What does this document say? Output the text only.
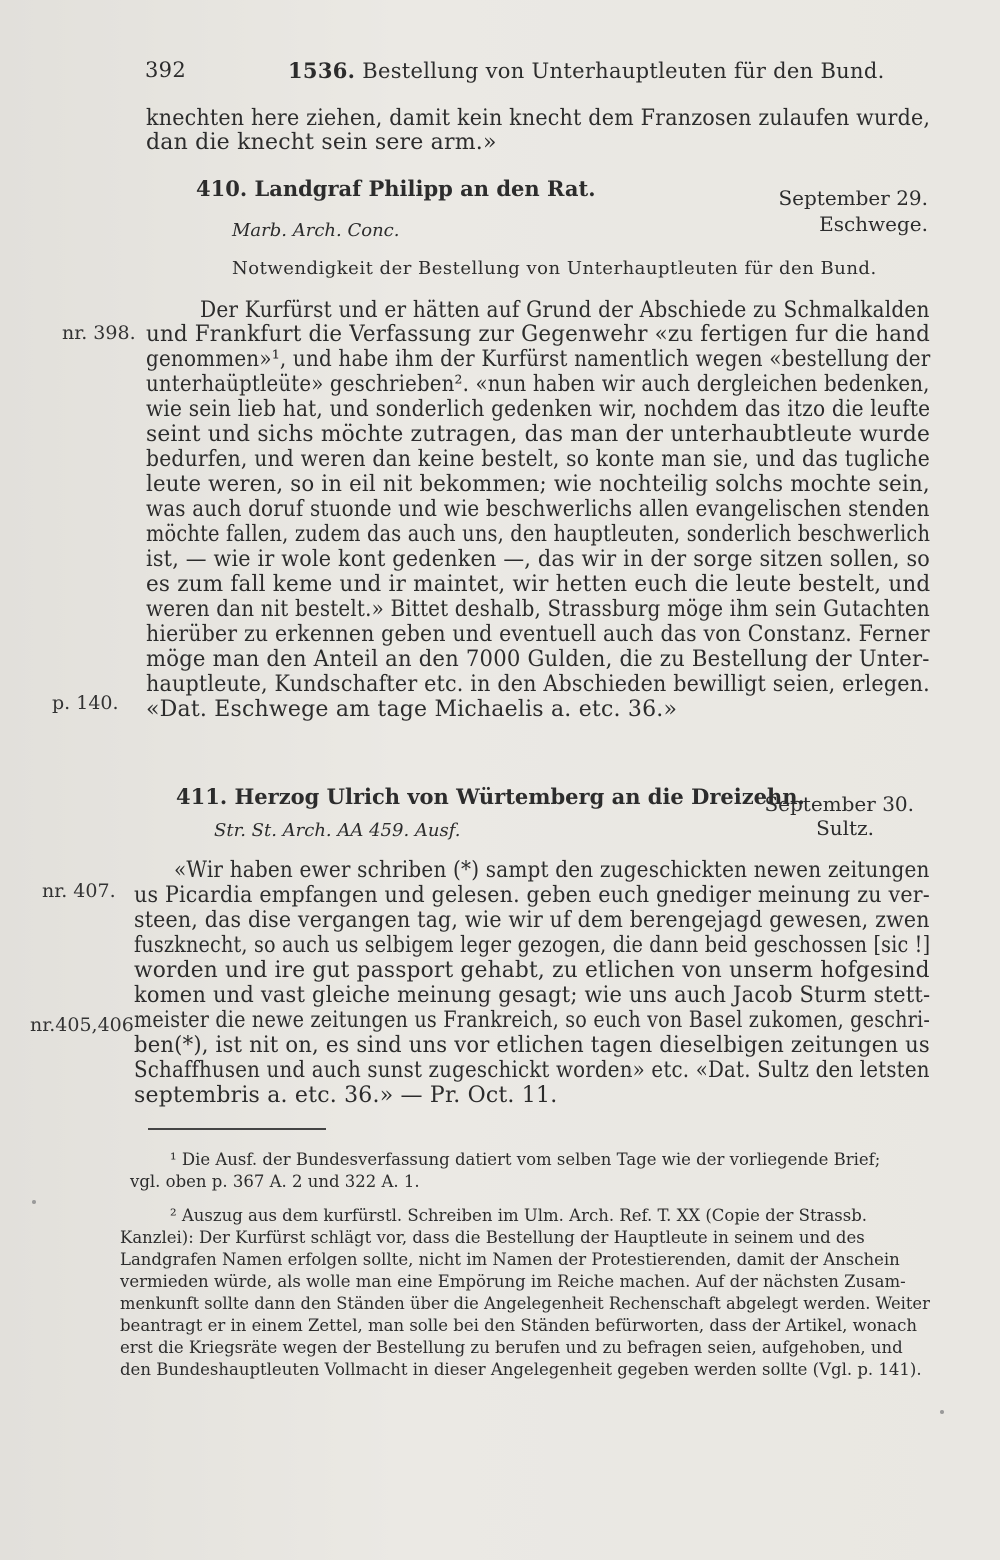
392	1536. Bestellung von Unterhauptleuten für den Bund.
knechten here ziehen, damit kein knecht dem Franzosen zulaufen wurde,
dan die knecht sein sere arm.»
410. Landgraf Philipp an den Rat.	September 29.
Eschwege.
Marb. Arch. Conc.
Notwendigkeit der Bestellung von Unterhauptleuten für den Bund.
nr. 398.
p. 140.
Der Kurfürst und er hätten auf Grund der Abschiede zu Schmalkalden
und Frankfurt die Verfassung zur Gegenwehr «zu fertigen fur die hand
genommen»¹, und habe ihm der Kurfürst namentlich wegen «bestellung der
unterhaüptleüte» geschrieben². «nun haben wir auch dergleichen bedenken,
wie sein lieb hat, und sonderlich gedenken wir, nochdem das itzo die leufte
seint und sichs möchte zutragen, das man der unterhaubtleute wurde
bedurfen, und weren dan keine bestelt, so konte man sie, und das tugliche
leute weren, so in eil nit bekommen; wie nochteilig solchs mochte sein,
was auch doruf stuonde und wie beschwerlichs allen evangelischen stenden
möchte fallen, zudem das auch uns, den hauptleuten, sonderlich beschwerlich
ist, — wie ir wole kont gedenken —, das wir in der sorge sitzen sollen, so
es zum fall keme und ir maintet, wir hetten euch die leute bestelt, und
weren dan nit bestelt.» Bittet deshalb, Strassburg möge ihm sein Gutachten
hierüber zu erkennen geben und eventuell auch das von Constanz. Ferner
möge man den Anteil an den 7000 Gulden, die zu Bestellung der Unter-
hauptleute, Kundschafter etc. in den Abschieden bewilligt seien, erlegen.
«Dat. Eschwege am tage Michaelis a. etc. 36.»
411. Herzog Ulrich von Würtemberg an die Dreizehn.
September 30.
Sultz.
Str. St. Arch. AA 459. Ausf.
nr. 407.
nr.405,406
«Wir haben ewer schriben (*) sampt den zugeschickten newen zeitungen
us Picardia empfangen und gelesen. geben euch gnediger meinung zu ver-
steen, das dise vergangen tag, wie wir uf dem berengejagd gewesen, zwen
fuszknecht, so auch us selbigem leger gezogen, die dann beid geschossen [sic !]
worden und ire gut passport gehabt, zu etlichen von unserm hofgesind
komen und vast gleiche meinung gesagt; wie uns auch Jacob Sturm stett-
meister die newe zeitungen us Frankreich, so euch von Basel zukomen, geschri-
ben(*), ist nit on, es sind uns vor etlichen tagen dieselbigen zeitungen us
Schaffhusen und auch sunst zugeschickt worden» etc. «Dat. Sultz den letsten
septembris a. etc. 36.» — Pr. Oct. 11.
¹ Die Ausf. der Bundesverfassung datiert vom selben Tage wie der vorliegende Brief;
vgl. oben p. 367 A. 2 und 322 A. 1.
² Auszug aus dem kurfürstl. Schreiben im Ulm. Arch. Ref. T. XX (Copie der Strassb.
Kanzlei): Der Kurfürst schlägt vor, dass die Bestellung der Hauptleute in seinem und des
Landgrafen Namen erfolgen sollte, nicht im Namen der Protestierenden, damit der Anschein
vermieden würde, als wolle man eine Empörung im Reiche machen. Auf der nächsten Zusam-
menkunft sollte dann den Ständen über die Angelegenheit Rechenschaft abgelegt werden. Weiter
beantragt er in einem Zettel, man solle bei den Ständen befürworten, dass der Artikel, wonach
erst die Kriegsräte wegen der Bestellung zu berufen und zu befragen seien, aufgehoben, und
den Bundeshauptleuten Vollmacht in dieser Angelegenheit gegeben werden sollte (Vgl. p. 141).
